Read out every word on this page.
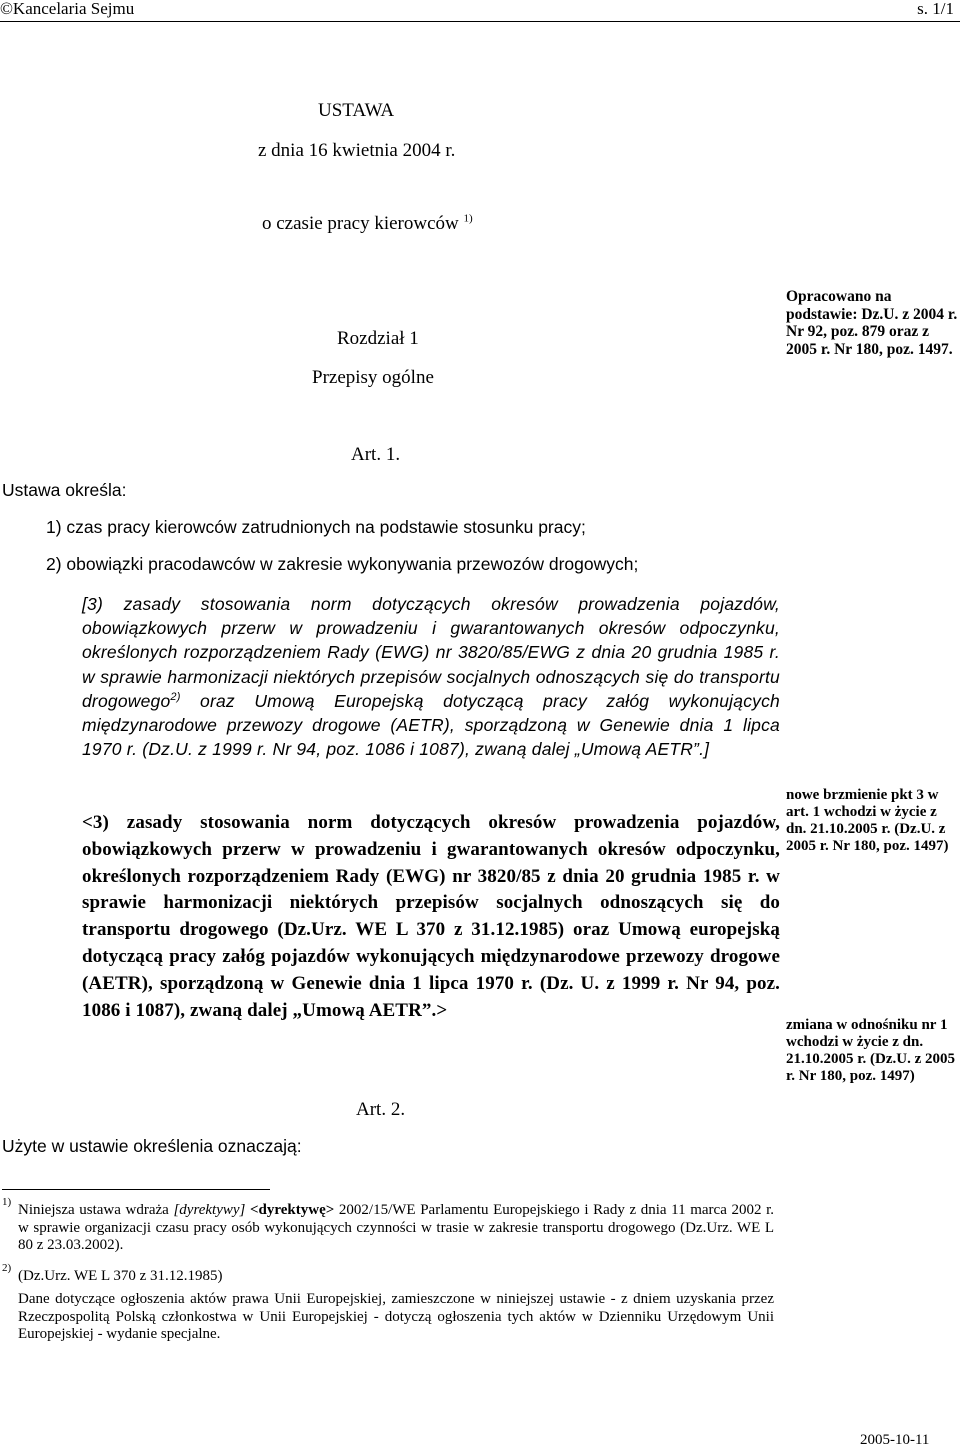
©Kancelaria Sejmu	s. 1/1
USTAWA
z dnia 16 kwietnia 2004 r.
o czasie pracy kierowców $^{1)}$
Opracowano na podstawie: Dz.U. z 2004 r. Nr 92, poz. 879 oraz z 2005 r. Nr 180, poz. 1497.
Rozdział 1
Przepisy ogólne
Art. 1.
Ustawa określa:
1) czas pracy kierowców zatrudnionych na podstawie stosunku pracy;
2) obowiązki pracodawców w zakresie wykonywania przewozów drogowych;
[3) zasady stosowania norm dotyczących okresów prowadzenia pojazdów, obowiązkowych przerw w prowadzeniu i gwarantowanych okresów odpoczynku, określonych rozporządzeniem Rady (EWG) nr 3820/85/EWG z dnia 20 grudnia 1985 r. w sprawie harmonizacji niektórych przepisów socjalnych odnoszących się do transportu drogowego$^{2)}$ oraz Umową Europejską dotyczącą pracy załóg wykonujących międzynarodowe przewozy drogowe (AETR), sporządzoną w Genewie dnia 1 lipca 1970 r. (Dz.U. z 1999 r. Nr 94, poz. 1086 i 1087), zwaną dalej „Umową AETR”.]
<3) zasady stosowania norm dotyczących okresów prowadzenia pojazdów, obowiązkowych przerw w prowadzeniu i gwarantowanych okresów odpoczynku, określonych rozporządzeniem Rady (EWG) nr 3820/85 z dnia 20 grudnia 1985 r. w sprawie harmonizacji niektórych przepisów socjalnych odnoszących się do transportu drogowego (Dz.Urz. WE L 370 z 31.12.1985) oraz Umową europejską dotyczącą pracy załóg pojazdów wykonujących międzynarodowe przewozy drogowe (AETR), sporządzoną w Genewie dnia 1 lipca 1970 r. (Dz. U. z 1999 r. Nr 94, poz. 1086 i 1087), zwaną dalej „Umową AETR”.>
nowe brzmienie pkt 3 w art. 1 wchodzi w życie z dn. 21.10.2005 r. (Dz.U. z 2005 r. Nr 180, poz. 1497)
zmiana w odnośniku nr 1 wchodzi w życie z dn. 21.10.2005 r. (Dz.U. z 2005 r. Nr 180, poz. 1497)
Art. 2.
Użyte w ustawie określenia oznaczają:
$^{1)}$ Niniejsza ustawa wdraża [dyrektywy] <dyrektywę> 2002/15/WE Parlamentu Europejskiego i Rady z dnia 11 marca 2002 r. w sprawie organizacji czasu pracy osób wykonujących czynności w trasie w zakresie transportu drogowego (Dz.Urz. WE L 80 z 23.03.2002).
$^{2)}$ (Dz.Urz. WE L 370 z 31.12.1985)
Dane dotyczące ogłoszenia aktów prawa Unii Europejskiej, zamieszczone w niniejszej ustawie - z dniem uzyskania przez Rzeczpospolitą Polską członkostwa w Unii Europejskiej - dotyczą ogłoszenia tych aktów w Dzienniku Urzędowym Unii Europejskiej - wydanie specjalne.
2005-10-11
